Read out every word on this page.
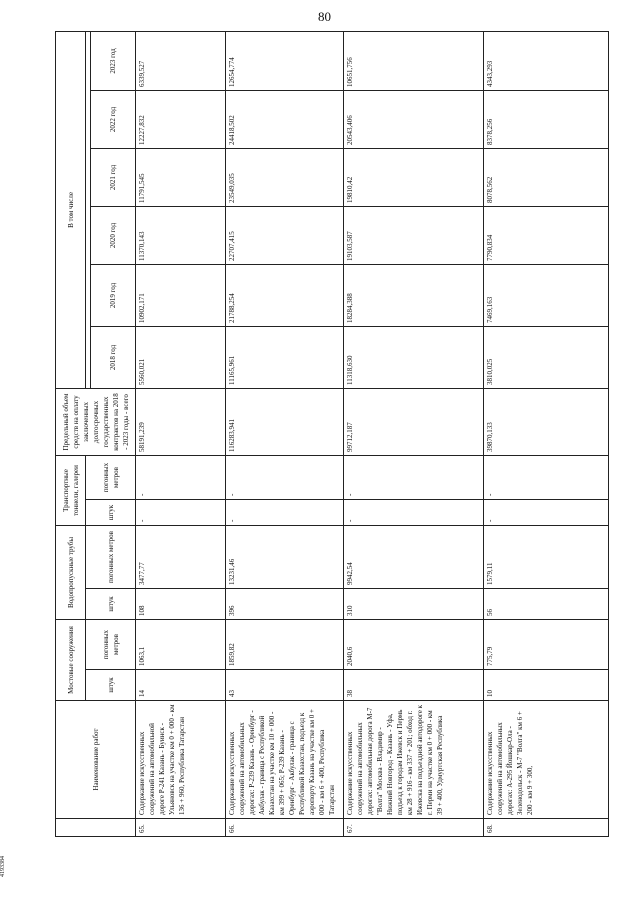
80
4193384
	Наименование работ	Мостовые сооружения		Водопропускные трубы		Транспортные тоннели, галереи		Предельный объем средств на оплату заключенных долгосрочных государственных контрактов на 2018 - 2023 годы - всего	В том числе					
		штук	погонных метров	штук	погонных метров	штук	погонных метров							
									2018 год	2019 год	2020 год	2021 год	2022 год	2023 год
65.	Содержание искусственных сооружений на автомобильной дороге Р-241 Казань - Буинск - Ульяновск на участке км 0 + 000 - км 136 + 960, Республика Татарстан	14	1063,1	108	3477,77	-	-	58191,239	5560,021	10902,171	11370,143	11791,545	12227,832	6339,527
66.	Содержание искусственных сооружений на автомобильных дорогах: Р-239 Казань - Оренбург - Акбулак - граница с Республикой Казахстан на участке км 10 + 000 - км 399 + 065; Р-239 Казань - Оренбург - Акбулак - граница с Республикой Казахстан, подъезд к аэропорту Казань на участке км 0 + 000 - км 6 + 400, Республика Татарстан	43	1859,82	396	13231,46	-	-	116283,941	11165,961	21788,254	22707,415	23549,035	24418,502	12654,774
67.	Содержание искусственных сооружений на автомобильных дорогах: автомобильная дорога М-7 "Волга" Москва - Владимир - Нижний Новгород - Казань - Уфа, подъезд к городам Ижевск и Пермь км 28 + 916 - км 337 + 201; обход г. Ижевска на подъездной автодороге к г. Перми на участке км 0 + 000 - км 39 + 400, Удмуртская Республика	38	2040,6	310	9942,54	-	-	99712,187	11318,630	18284,388	19103,587	19810,42	20543,406	10651,756
68.	Содержание искусственных сооружений на автомобильных дорогах: А-295 Йошкар-Ола - Зеленодольск - М-7 "Волга" км 6 + 200 - км 9 + 300,	10	775,79	56	1579,11	-	-	39870,133	3810,025	7469,163	7790,834	8078,562	8378,256	4343,293
